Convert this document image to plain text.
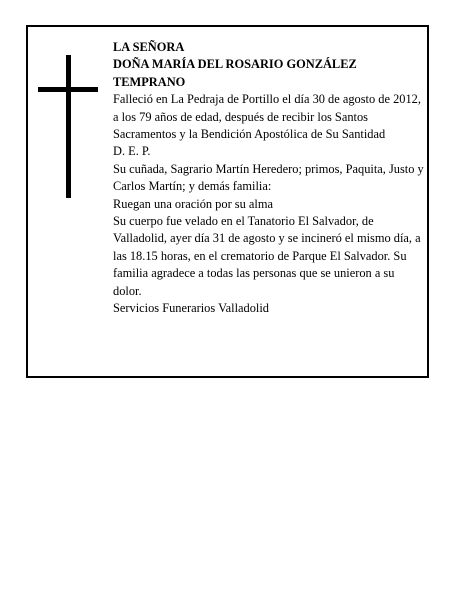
LA SEÑORA

DOÑA MARÍA DEL ROSARIO GONZÁLEZ TEMPRANO

Falleció en La Pedraja de Portillo el día 30 de agosto de 2012, a los 79 años de edad, después de recibir los Santos Sacramentos y la Bendición Apostólica de Su Santidad

D. E. P.

Su cuñada, Sagrario Martín Heredero; primos, Paquita, Justo y Carlos Martín; y demás familia:

Ruegan una oración por su alma

Su cuerpo fue velado en el Tanatorio El Salvador, de Valladolid, ayer día 31 de agosto y se incineró el mismo día, a las 18.15 horas, en el crematorio de Parque El Salvador. Su familia agradece a todas las personas que se unieron a su dolor.

Servicios Funerarios Valladolid
